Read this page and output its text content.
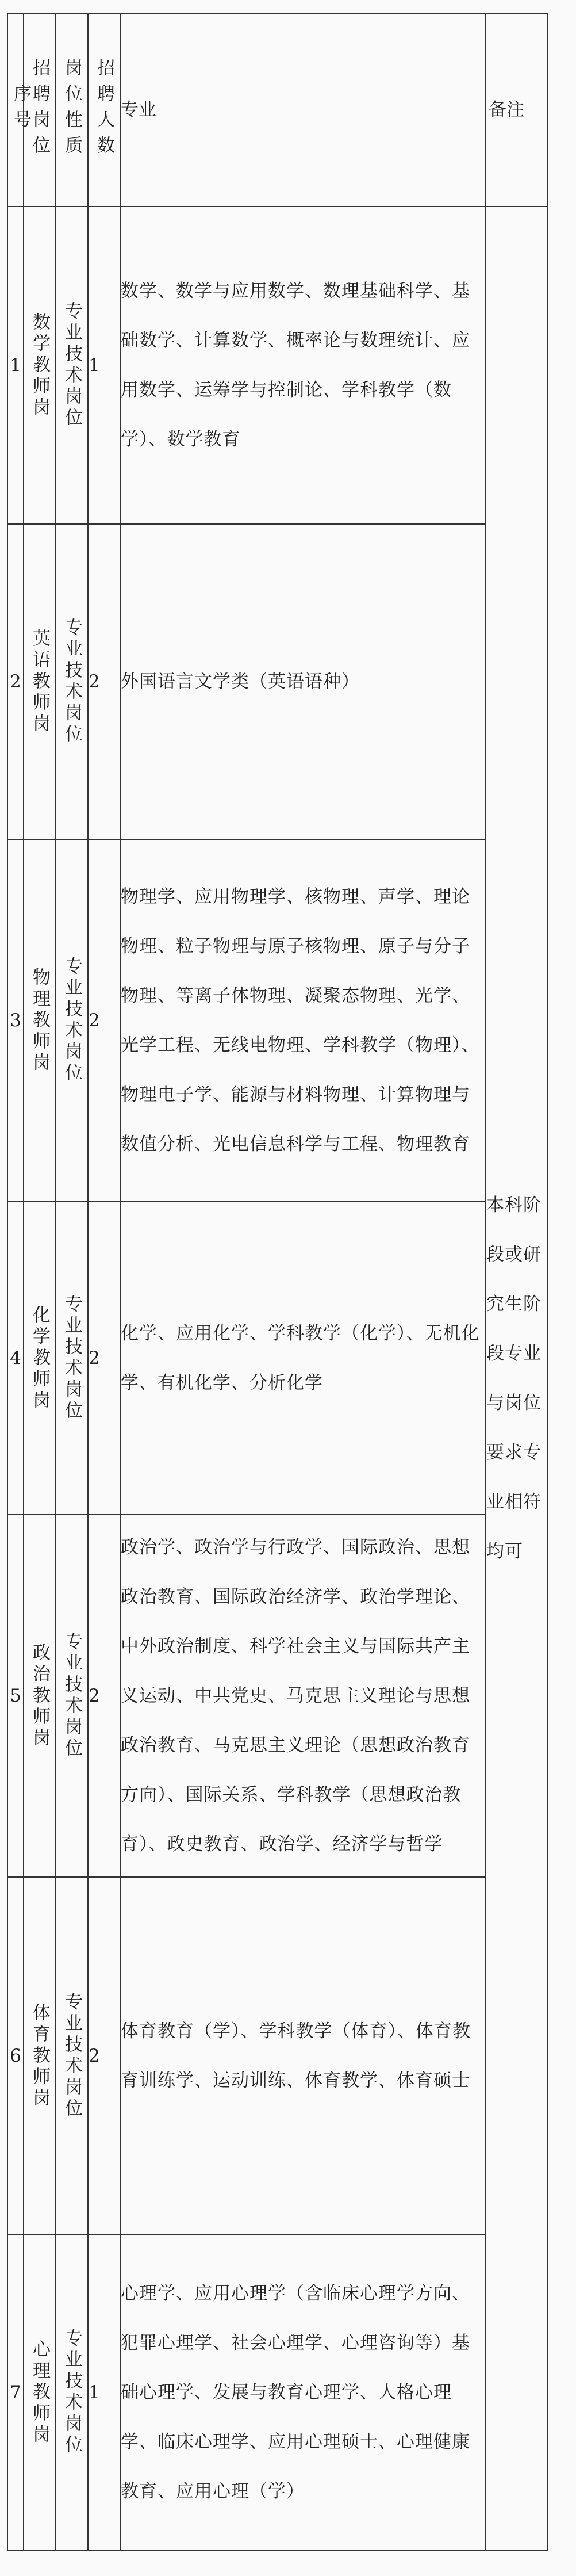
序号	招聘岗位	岗位性质	招聘人数	专业	备注
1	数学教师岗	专业技术岗位	1	数学、数学与应用数学、数理基础科学、基础数学、计算数学、概率论与数理统计、应用数学、运筹学与控制论、学科教学（数学）、数学教育	本科阶段或研究生阶段专业与岗位要求专业相符均可
2	英语教师岗	专业技术岗位	2	外国语言文学类（英语语种）	
3	物理教师岗	专业技术岗位	2	物理学、应用物理学、核物理、声学、理论物理、粒子物理与原子核物理、原子与分子物理、等离子体物理、凝聚态物理、光学、光学工程、无线电物理、学科教学（物理）、物理电子学、能源与材料物理、计算物理与数值分析、光电信息科学与工程、物理教育	
4	化学教师岗	专业技术岗位	2	化学、应用化学、学科教学（化学）、无机化学、有机化学、分析化学	
5	政治教师岗	专业技术岗位	2	政治学、政治学与行政学、国际政治、思想政治教育、国际政治经济学、政治学理论、中外政治制度、科学社会主义与国际共产主义运动、中共党史、马克思主义理论与思想政治教育、马克思主义理论（思想政治教育方向）、国际关系、学科教学（思想政治教育）、政史教育、政治学、经济学与哲学	
6	体育教师岗	专业技术岗位	2	体育教育（学）、学科教学（体育）、体育教育训练学、运动训练、体育教学、体育硕士	
7	心理教师岗	专业技术岗位	1	心理学、应用心理学（含临床心理学方向、犯罪心理学、社会心理学、心理咨询等）基础心理学、发展与教育心理学、人格心理学、临床心理学、应用心理硕士、心理健康教育、应用心理（学）	
